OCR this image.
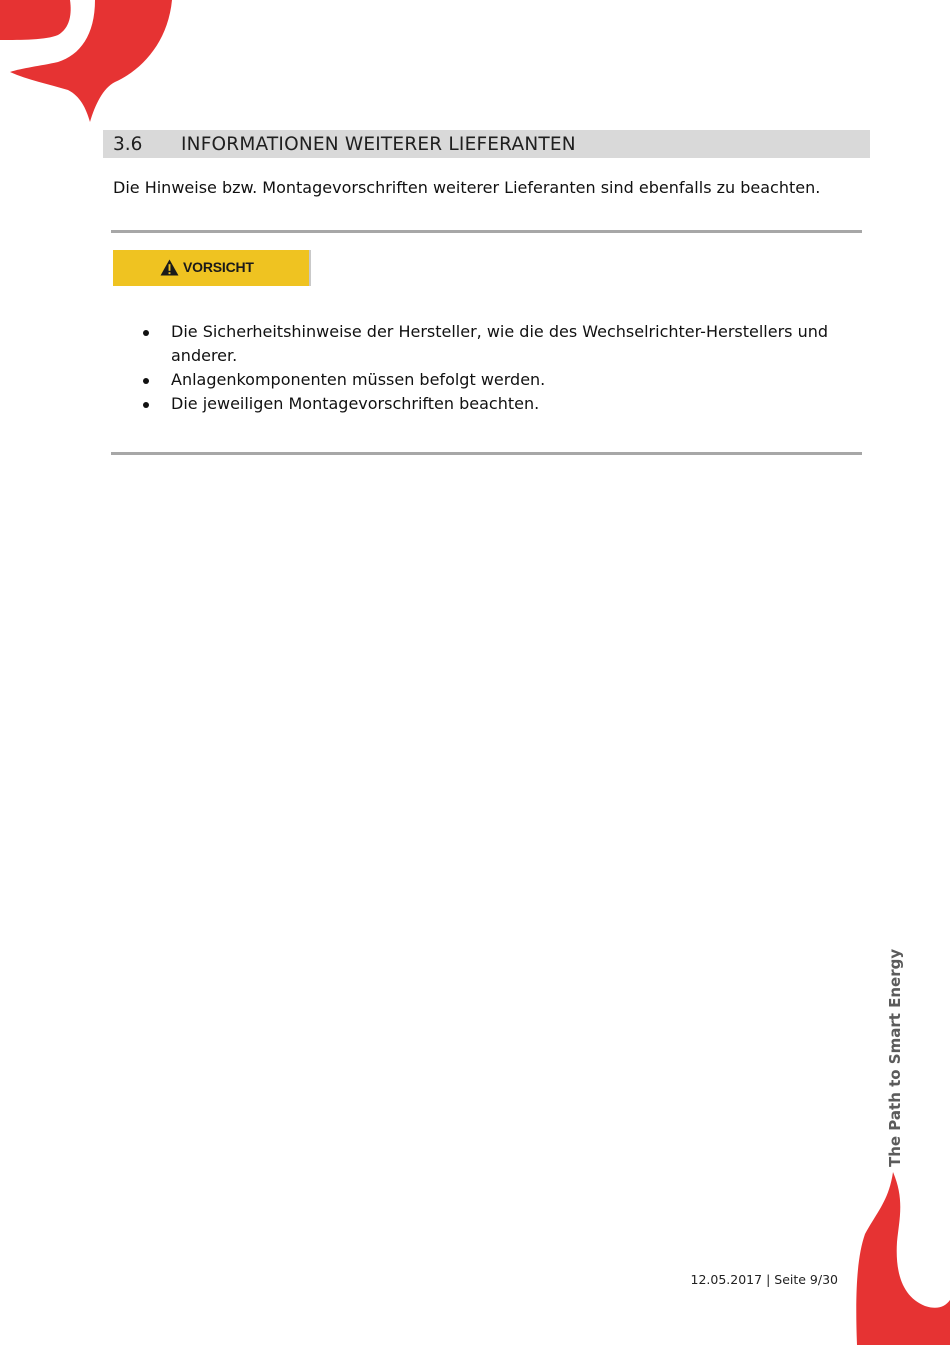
3.6 INFORMATIONEN WEITERER LIEFERANTEN
Die Hinweise bzw. Montagevorschriften weiterer Lieferanten sind ebenfalls zu beachten.
VORSICHT
Die Sicherheitshinweise der Hersteller, wie die des Wechselrichter-Herstellers und anderer.
Anlagenkomponenten müssen befolgt werden.
Die jeweiligen Montagevorschriften beachten.
The Path to Smart Energy
12.05.2017 | Seite 9/30
